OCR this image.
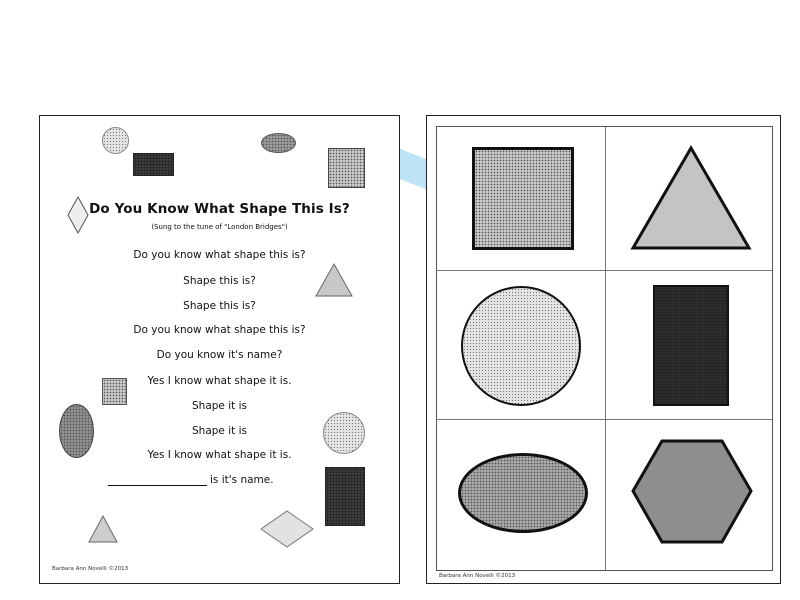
Do You Know What Shape This Is?
(Sung to the tune of "London Bridges")
Do you know what shape this is?
Shape this is?
Shape this is?
Do you know what shape this is?
Do you know it's name?
Yes I know what shape it is.
Shape it is
Shape it is
Yes I know what shape it is.
is it's name.
Barbara Ann Novelli ©2013
Barbara Ann Novelli ©2013
